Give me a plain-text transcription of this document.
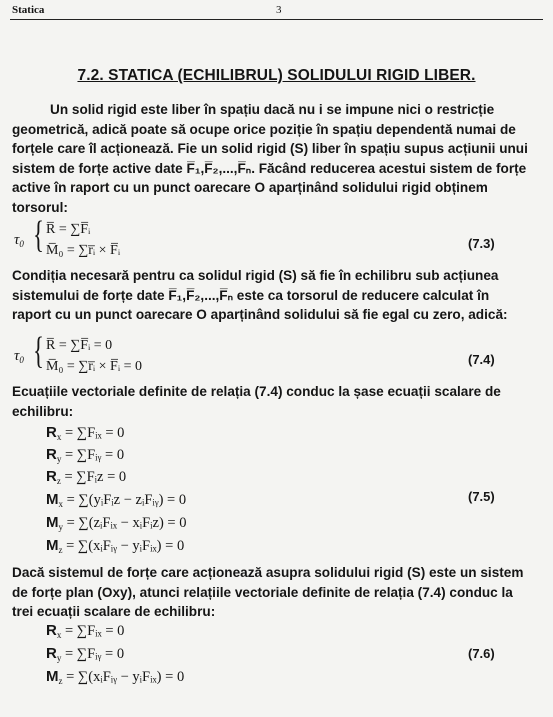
Statica	3
7.2. STATICA (ECHILIBRUL) SOLIDULUI RIGID LIBER.
Un solid rigid este liber în spațiu dacă nu i se impune nici o restricție
geometrică, adică poate să ocupe orice poziție în spațiu dependentă numai de
forțele care îl acționează. Fie un solid rigid (S) liber în spațiu supus acțiunii unui
sistem de forțe active date F̅₁,F̅₂,...,F̅ₙ. Făcând reducerea acestui sistem de forțe
active în raport cu un punct oarecare O aparținând solidului rigid obținem
torsorul:
$\tau_0$ { R̅ = ∑F̅ᵢ
M̅₀ = ∑r̅ᵢ × F̅ᵢ	(7.3)
Condiția necesară pentru ca solidul rigid (S) să fie în echilibru sub acțiunea
sistemului de forțe date F̅₁,F̅₂,...,F̅ₙ este ca torsorul de reducere calculat în
raport cu un punct oarecare O aparținând solidului să fie egal cu zero, adică:
$\tau_0$ { R̅ = ∑F̅ᵢ = 0
M̅₀ = ∑r̅ᵢ × F̅ᵢ = 0	(7.4)
Ecuațiile vectoriale definite de relația (7.4) conduc la șase ecuații scalare de
echilibru:
$R_x$ = ∑Fᵢₓ = 0
$R_y$ = ∑Fᵢᵧ = 0
$R_z$ = ∑Fᵢz = 0
$M_x$ = ∑(yᵢFᵢz − zᵢFᵢᵧ) = 0
$M_y$ = ∑(zᵢFᵢₓ − xᵢFᵢz) = 0
$M_z$ = ∑(xᵢFᵢᵧ − yᵢFᵢₓ) = 0
(7.5)
Dacă sistemul de forțe care acționează asupra solidului rigid (S) este un sistem
de forțe plan (Oxy), atunci relațiile vectoriale definite de relația (7.4) conduc la
trei ecuații scalare de echilibru:
$R_x$ = ∑Fᵢₓ = 0
$R_y$ = ∑Fᵢᵧ = 0
$M_z$ = ∑(xᵢFᵢᵧ − yᵢFᵢₓ) = 0
(7.6)
